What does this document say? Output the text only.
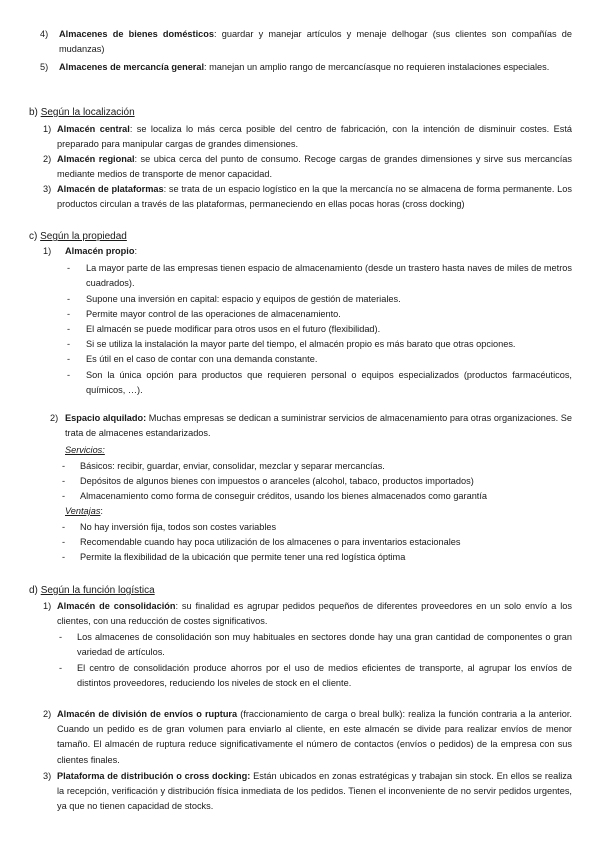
4) Almacenes de bienes domésticos: guardar y manejar artículos y menaje delhogar (sus clientes son compañías de mudanzas)

5) Almacenes de mercancía general: manejan un amplio rango de mercancíasque no requieren instalaciones especiales.

b) Según la localización

1) Almacén central: se localiza lo más cerca posible del centro de fabricación, con la intención de disminuir costes. Está preparado para manipular cargas de grandes dimensiones.

2) Almacén regional: se ubica cerca del punto de consumo. Recoge cargas de grandes dimensiones y sirve sus mercancías mediante medios de transporte de menor capacidad.

3) Almacén de plataformas: se trata de un espacio logístico en la que la mercancía no se almacena de forma permanente. Los productos circulan a través de las plataformas, permaneciendo en ellas pocas horas (cross docking)

c) Según la propiedad

1) Almacén propio:

- La mayor parte de las empresas tienen espacio de almacenamiento (desde un trastero hasta naves de miles de metros cuadrados).

- Supone una inversión en capital: espacio y equipos de gestión de materiales.

- Permite mayor control de las operaciones de almacenamiento.

- El almacén se puede modificar para otros usos en el futuro (flexibilidad).

- Si se utiliza la instalación la mayor parte del tiempo, el almacén propio es más barato que otras opciones.

- Es útil en el caso de contar con una demanda constante.

- Son la única opción para productos que requieren personal o equipos especializados (productos farmacéuticos, químicos, …).

2) Espacio alquilado: Muchas empresas se dedican a suministrar servicios de almacenamiento para otras organizaciones. Se trata de almacenes estandarizados.

Servicios:

- Básicos: recibir, guardar, enviar, consolidar, mezclar y separar mercancías.

- Depósitos de algunos bienes con impuestos o aranceles (alcohol, tabaco, productos importados)

- Almacenamiento como forma de conseguir créditos, usando los bienes almacenados como garantía

Ventajas:

- No hay inversión fija, todos son costes variables

- Recomendable cuando hay poca utilización de los almacenes o para inventarios estacionales

- Permite la flexibilidad de la ubicación que permite tener una red logística óptima

d) Según la función logística

1) Almacén de consolidación: su finalidad es agrupar pedidos pequeños de diferentes proveedores en un solo envío a los clientes, con una reducción de costes significativos.

- Los almacenes de consolidación son muy habituales en sectores donde hay una gran cantidad de componentes o gran variedad de artículos.

- El centro de consolidación produce ahorros por el uso de medios eficientes de transporte, al agrupar los envíos de distintos proveedores, reduciendo los niveles de stock en el cliente.

2) Almacén de división de envíos o ruptura (fraccionamiento de carga o breal bulk): realiza la función contraria a la anterior. Cuando un pedido es de gran volumen para enviarlo al cliente, en este almacén se divide para realizar envíos de menor tamaño. El almacén de ruptura reduce significativamente el número de contactos (envíos o pedidos) de la empresa con sus clientes finales.

3) Plataforma de distribución o cross docking: Están ubicados en zonas estratégicas y trabajan sin stock. En ellos se realiza la recepción, verificación y distribución física inmediata de los pedidos. Tienen el inconveniente de no servir pedidos urgentes, ya que no tienen capacidad de stocks.
